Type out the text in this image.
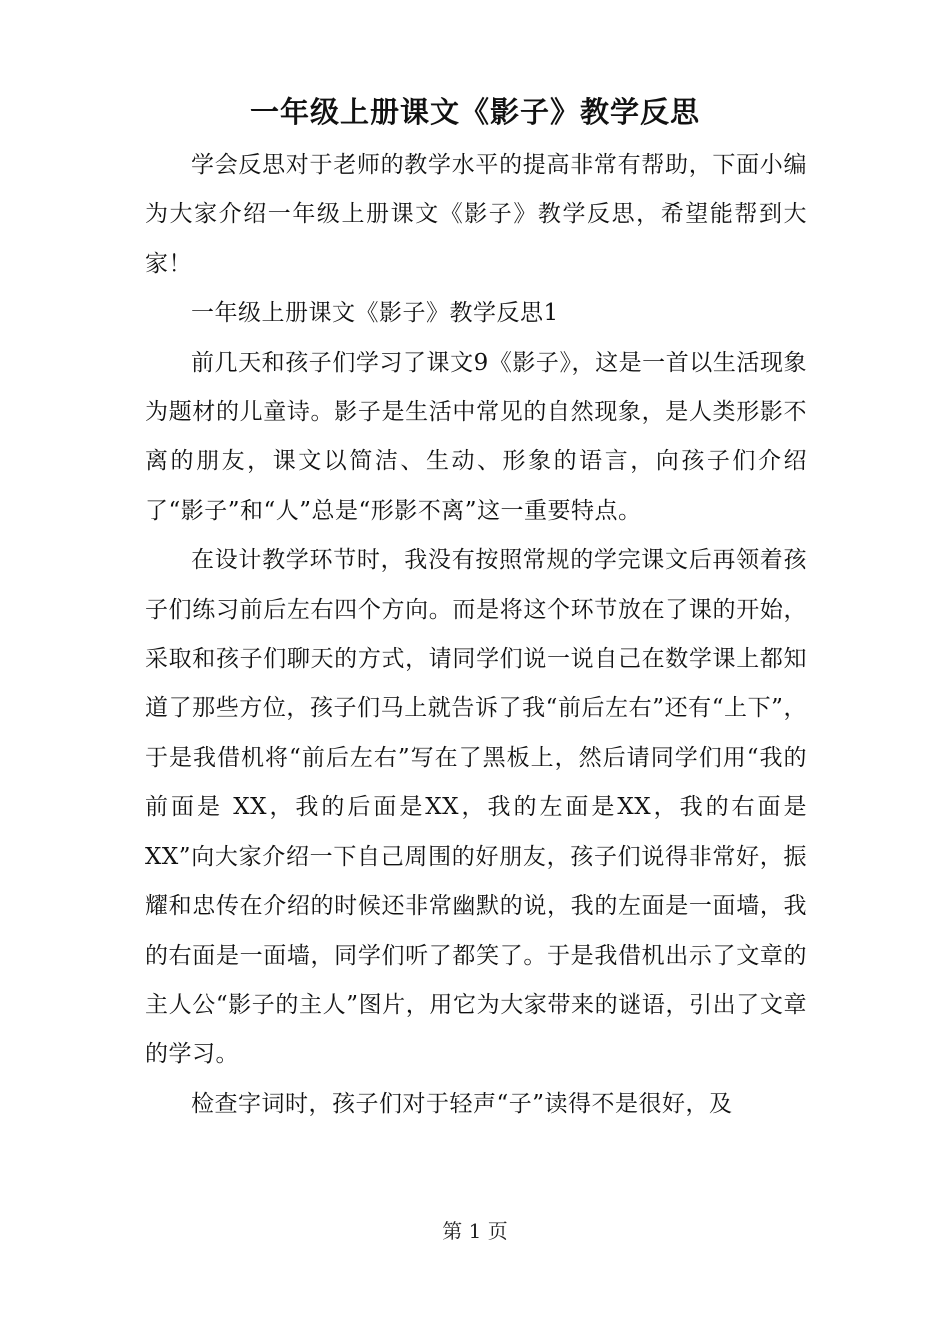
一年级上册课文《影子》教学反思

学会反思对于老师的教学水平的提高非常有帮助，下面小编为大家介绍一年级上册课文《影子》教学反思，希望能帮到大家！

一年级上册课文《影子》教学反思1

前几天和孩子们学习了课文9《影子》，这是一首以生活现象为题材的儿童诗。影子是生活中常见的自然现象，是人类形影不离的朋友，课文以简洁、生动、形象的语言，向孩子们介绍了“影子”和“人”总是“形影不离”这一重要特点。

在设计教学环节时，我没有按照常规的学完课文后再领着孩子们练习前后左右四个方向。而是将这个环节放在了课的开始，采取和孩子们聊天的方式，请同学们说一说自己在数学课上都知道了那些方位，孩子们马上就告诉了我“前后左右”还有“上下”，于是我借机将“前后左右”写在了黑板上，然后请同学们用“我的前面是 XX，我的后面是XX，我的左面是XX，我的右面是XX”向大家介绍一下自己周围的好朋友，孩子们说得非常好，振耀和忠传在介绍的时候还非常幽默的说，我的左面是一面墙，我的右面是一面墙，同学们听了都笑了。于是我借机出示了文章的主人公“影子的主人”图片，用它为大家带来的谜语，引出了文章的学习。

检查字词时，孩子们对于轻声“子”读得不是很好，及

第 1 页
